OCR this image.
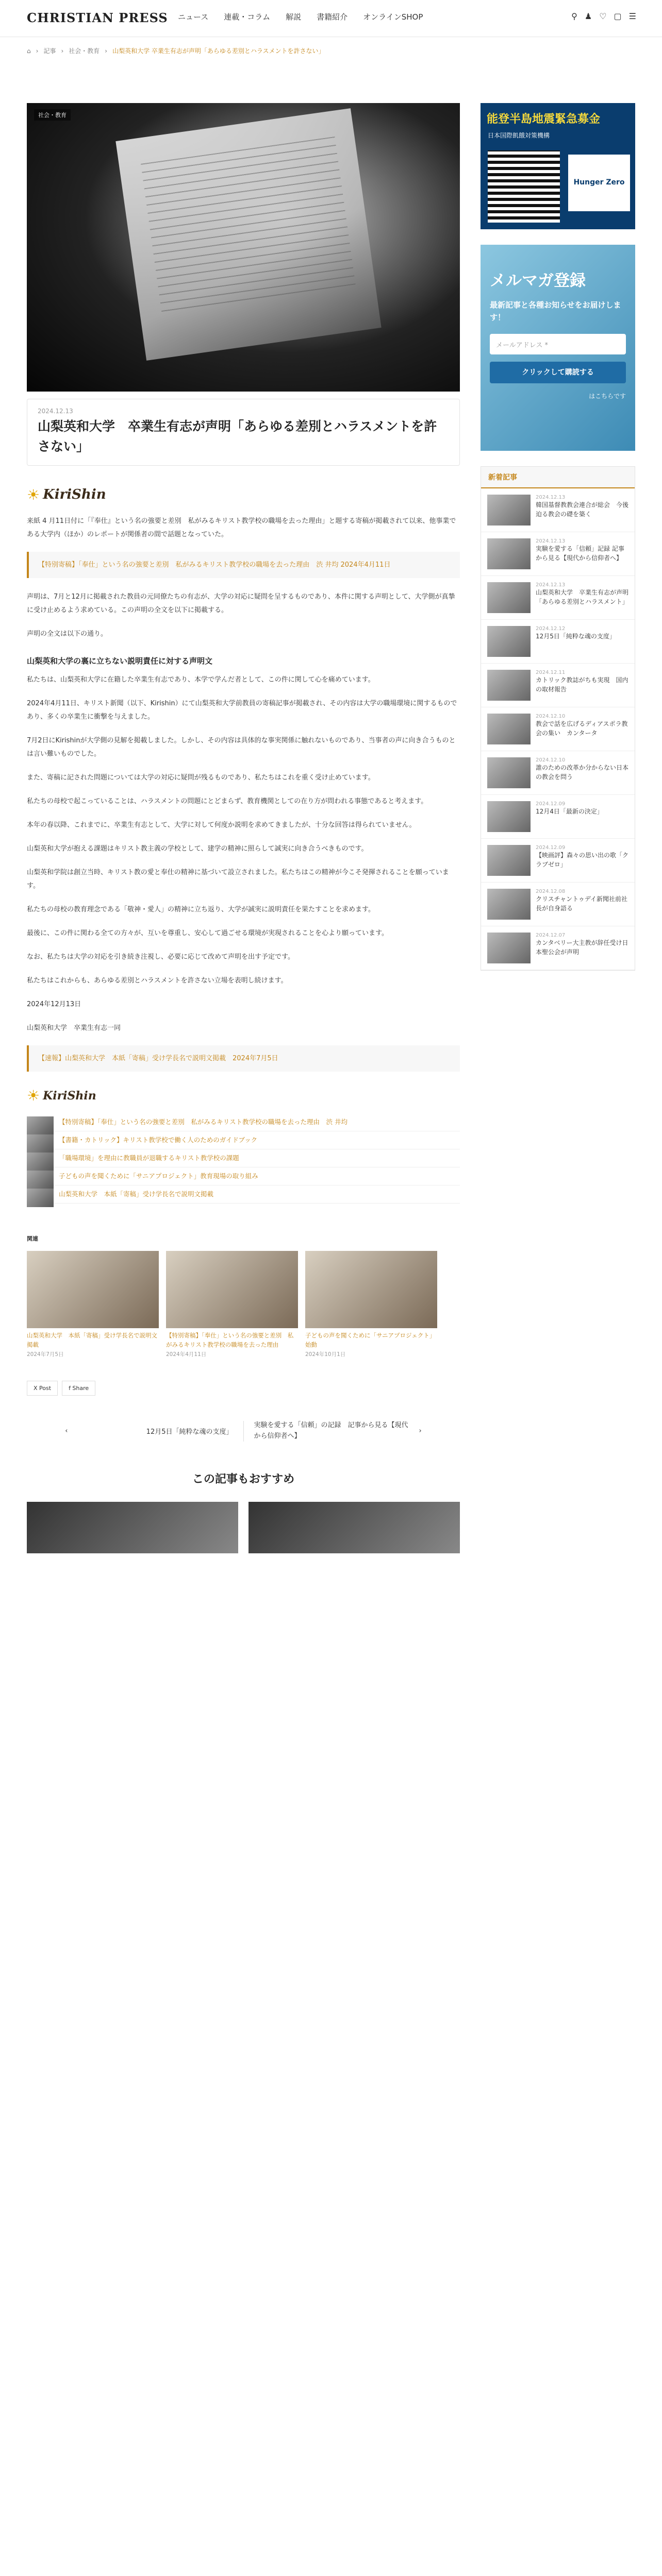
CHRISTIAN PRESS ニュース 連載・コラム 解説 書籍紹介 オンラインSHOP	⚲ ♟ ♡ ▢ ☰
⌂ › 記事 › 社会・教育 › 山梨英和大学 卒業生有志が声明「あらゆる差別とハラスメントを許さない」
社会・教育
2024.12.13
山梨英和大学　卒業生有志が声明「あらゆる差別とハラスメントを許さない」
☀ KiriShin

来紙 4 月11日付に「『奉仕』という名の強要と差別　私がみるキリスト教学校の職場を去った理由」と題する寄稿が掲載されて以来、他事業である大学内（ほか）のレポートが関係者の間で話題となっていた。

【特別寄稿】「奉仕」という名の強要と差別　私がみるキリスト教学校の職場を去った理由　渋 井均 2024年4月11日

声明は、7月と12月に掲載された教員の元同僚たちの有志が、大学の対応に疑問を呈するものであり、本件に関する声明として、大学側が真摯に受け止めるよう求めている。この声明の全文を以下に掲載する。

声明の全文は以下の通り。

山梨英和大学の裏に立ちない説明責任に対する声明文

私たちは、山梨英和大学に在籍した卒業生有志であり、本学で学んだ者として、この件に関して心を痛めています。

2024年4月11日、キリスト新聞（以下、Kirishin）にて山梨英和大学前教員の寄稿記事が掲載され、その内容は大学の職場環境に関するものであり、多くの卒業生に衝撃を与えました。

7月2日にKirishinが大学側の見解を掲載しました。しかし、その内容は具体的な事実関係に触れないものであり、当事者の声に向き合うものとは言い難いものでした。

また、寄稿に記された問題については大学の対応に疑問が残るものであり、私たちはこれを重く受け止めています。

私たちの母校で起こっていることは、ハラスメントの問題にとどまらず、教育機関としての在り方が問われる事態であると考えます。

本年の春以降、これまでに、卒業生有志として、大学に対して何度か説明を求めてきましたが、十分な回答は得られていません。

山梨英和大学が抱える課題はキリスト教主義の学校として、建学の精神に照らして誠実に向き合うべきものです。

山梨英和学院は創立当時、キリスト教の愛と奉仕の精神に基づいて設立されました。私たちはこの精神が今こそ発揮されることを願っています。

私たちの母校の教育理念である「敬神・愛人」の精神に立ち返り、大学が誠実に説明責任を果たすことを求めます。

最後に、この件に関わる全ての方々が、互いを尊重し、安心して過ごせる環境が実現されることを心より願っています。

なお、私たちは大学の対応を引き続き注視し、必要に応じて改めて声明を出す予定です。

私たちはこれからも、あらゆる差別とハラスメントを許さない立場を表明し続けます。

2024年12月13日

山梨英和大学　卒業生有志一同

【速報】山梨英和大学　本紙「寄稿」受け学長名で説明文掲載　2024年7月5日
☀ KiriShin
【特別寄稿】「奉仕」という名の強要と差別　私がみるキリスト教学校の職場を去った理由　渋 井均
【書籍・カトリック】キリスト教学校で働く人のためのガイドブック
「職場環境」を理由に教職員が退職するキリスト教学校の課題
子どもの声を聞くために「サニアプロジェクト」教育現場の取り組み
山梨英和大学　本紙「寄稿」受け学長名で説明文掲載
関連
山梨英和大学　本紙「寄稿」受け学長名で説明文掲載
2024年7月5日
【特別寄稿】「奉仕」という名の強要と差別　私がみるキリスト教学校の職場を去った理由
2024年4月11日
子どもの声を聞くために「サニアプロジェクト」始動
2024年10月1日
X Post	f Share
‹	12月5日「純粋な魂の支度」
実験を愛する「信頼」の記録　記事から見る【現代から信仰者へ】
›
この記事もおすすめ
能登半島地震緊急募金
日本国際飢餓対策機構
Hunger Zero
メルマガ登録
最新記事と各種お知らせをお届けします！
メールアドレス *
クリックして購読する
はこちらです
新着記事
2024.12.13
韓国基督教教会連合が総会　今後迫る教会の礎を築く
2024.12.13
実験を愛する「信頼」記録 記事から見る【現代から信仰者へ】
2024.12.13
山梨英和大学　卒業生有志が声明「あらゆる差別とハラスメント」
2024.12.12
12月5日「純粋な魂の支度」
2024.12.11
カトリック教誌がちも実現　国内の取材報告
2024.12.10
教会で話を広げるディアスポラ教会の集い　カンタータ
2024.12.10
誰のための改革か分からない日本の教会を問う
2024.12.09
12月4日「最新の決定」
2024.12.09
【映画評】森々の思い出の歌「クラブゼロ」
2024.12.08
クリスチャントゥデイ新聞社前社長が自身語る
2024.12.07
カンタベリー大主教が辞任受け日本聖公会が声明
